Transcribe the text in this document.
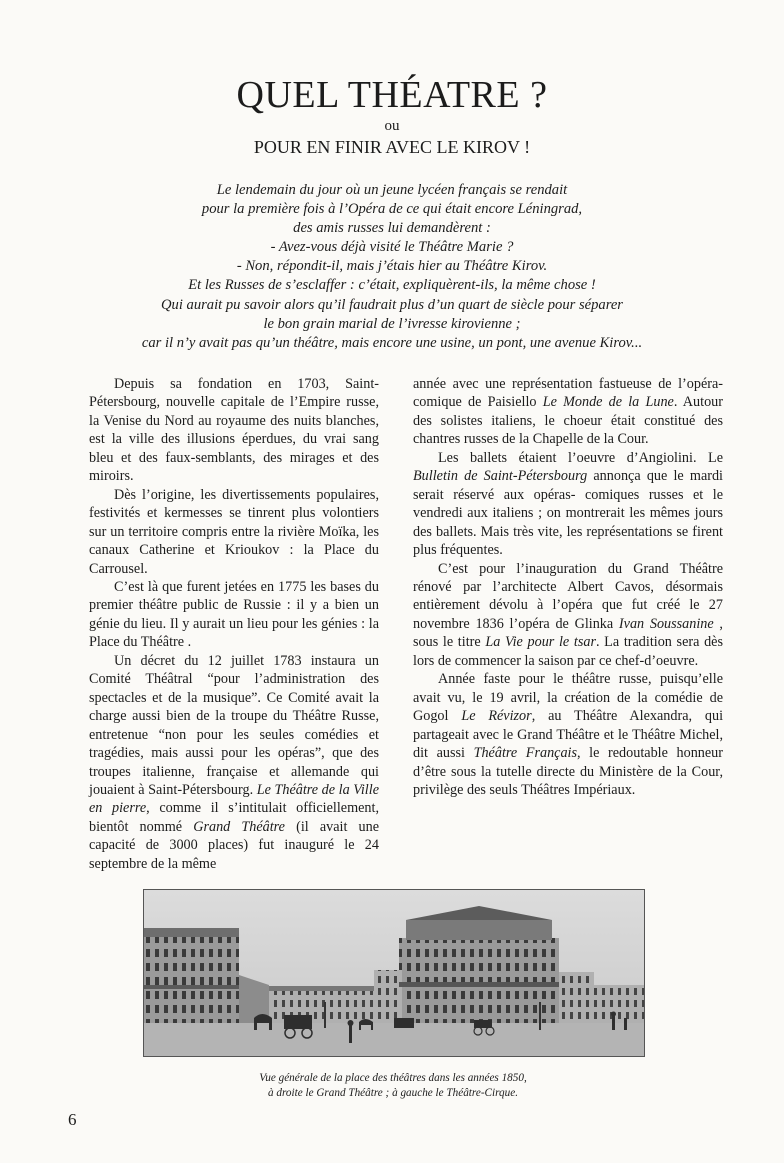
QUEL THÉATRE ?
ou
POUR EN FINIR AVEC LE KIROV !
Le lendemain du jour où un jeune lycéen français se rendait
pour la première fois à l’Opéra de ce qui était encore Léningrad,
des amis russes lui demandèrent :
- Avez-vous déjà visité le Théâtre Marie ?
- Non, répondit-il, mais j’étais hier au Théâtre Kirov.
Et les Russes de s’esclaffer : c’était, expliquèrent-ils, la même chose !
Qui aurait pu savoir alors qu’il faudrait plus d’un quart de siècle pour séparer
le bon grain marial de l’ivresse kirovienne ;
car il n’y avait pas qu’un théâtre, mais encore une usine, un pont, une avenue Kirov...

Depuis sa fondation en 1703, Saint-Pétersbourg, nouvelle capitale de l’Empire russe, la Venise du Nord au royaume des nuits blanches, est la ville des illusions éperdues, du vrai sang bleu et des faux-semblants, des mirages et des miroirs.

Dès l’origine, les divertissements populaires, festivités et kermesses se tinrent plus volontiers sur un territoire compris entre la rivière Moïka, les canaux Catherine et Krioukov : la Place du Carrousel.

C’est là que furent jetées en 1775 les bases du premier théâtre public de Russie : il y a bien un génie du lieu. Il y aurait un lieu pour les génies : la Place du Théâtre .

Un décret du 12 juillet 1783 instaura un Comité Théâtral “pour l’administration des spectacles et de la musique”. Ce Comité avait la charge aussi bien de la troupe du Théâtre Russe, entretenue “non pour les seules comédies et tragédies, mais aussi pour les opéras”, que des troupes italienne, française et allemande qui jouaient à Saint-Pétersbourg. Le Théâtre de la Ville en pierre, comme il s’intitulait officiellement, bientôt nommé Grand Théâtre (il avait une capacité de 3000 places) fut inauguré le 24 septembre de la même

année avec une représentation fastueuse de l’opéra-comique de Paisiello Le Monde de la Lune. Autour des solistes italiens, le choeur était constitué des chantres russes de la Chapelle de la Cour.

Les ballets étaient l’oeuvre d’Angiolini. Le Bulletin de Saint-Pétersbourg annonça que le mardi serait réservé aux opéras- comiques russes et le vendredi aux italiens ; on montrerait les mêmes jours des ballets. Mais très vite, les représentations se firent plus fréquentes.

C’est pour l’inauguration du Grand Théâtre rénové par l’architecte Albert Cavos, désormais entièrement dévolu à l’opéra que fut créé le 27 novembre 1836 l’opéra de Glinka Ivan Soussanine , sous le titre La Vie pour le tsar. La tradition sera dès lors de commencer la saison par ce chef-d’oeuvre.

Année faste pour le théâtre russe, puisqu’elle avait vu, le 19 avril, la création de la comédie de Gogol Le Révizor, au Théâtre Alexandra, qui partageait avec le Grand Théâtre et le Théâtre Michel, dit aussi Théâtre Français, le redoutable honneur d’être sous la tutelle directe du Ministère de la Cour, privilège des seuls Théâtres Impériaux.

Vue générale de la place des théâtres dans les années 1850,
à droite le Grand Théâtre ; à gauche le Théâtre-Cirque.
6
